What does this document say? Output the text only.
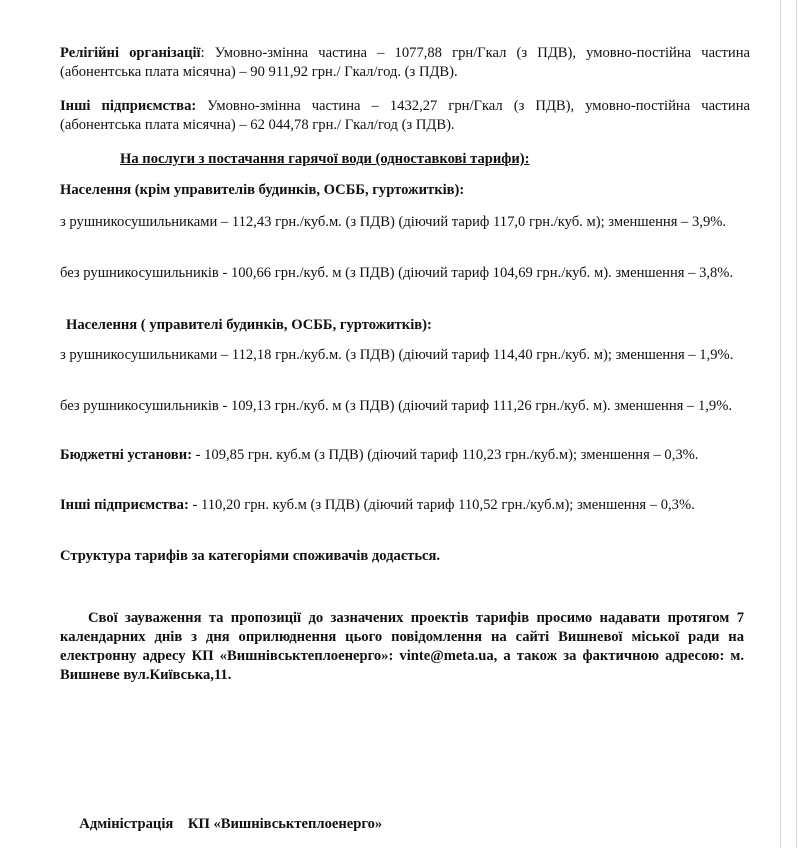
Релігійні організації: Умовно-змінна частина – 1077,88 грн/Гкал (з ПДВ), умовно-постійна частина (абонентська плата місячна) – 90 911,92 грн./ Гкал/год. (з ПДВ).

Інші підприємства: Умовно-змінна частина – 1432,27 грн/Гкал (з ПДВ), умовно-постійна частина (абонентська плата місячна) – 62 044,78 грн./ Гкал/год (з ПДВ).

На послуги з постачання гарячої води (одноставкові тарифи):

Населення (крім управителів будинків, ОСББ, гуртожитків):

з рушникосушильниками – 112,43 грн./куб.м. (з ПДВ) (діючий тариф 117,0 грн./куб. м); зменшення – 3,9%.

без рушникосушильників - 100,66 грн./куб. м (з ПДВ) (діючий тариф 104,69 грн./куб. м). зменшення – 3,8%.

Населення ( управителі будинків, ОСББ, гуртожитків):

з рушникосушильниками – 112,18 грн./куб.м. (з ПДВ) (діючий тариф 114,40 грн./куб. м); зменшення – 1,9%.

без рушникосушильників - 109,13 грн./куб. м (з ПДВ) (діючий тариф 111,26 грн./куб. м). зменшення – 1,9%.

Бюджетні установи: - 109,85 грн. куб.м (з ПДВ) (діючий тариф 110,23 грн./куб.м); зменшення – 0,3%.

Інші підприємства: - 110,20 грн. куб.м (з ПДВ) (діючий тариф 110,52 грн./куб.м); зменшення – 0,3%.

Структура тарифів за категоріями споживачів додається.

Свої зауваження та пропозиції до зазначених проектів тарифів просимо надавати протягом 7 календарних днів з дня оприлюднення цього повідомлення на сайті Вишневої міської ради на електронну адресу КП «Вишнівськтеплоенерго»: vinte@meta.ua, а також за фактичною адресою: м. Вишневе вул.Київська,11.

Адміністрація    КП «Вишнівськтеплоенерго»
